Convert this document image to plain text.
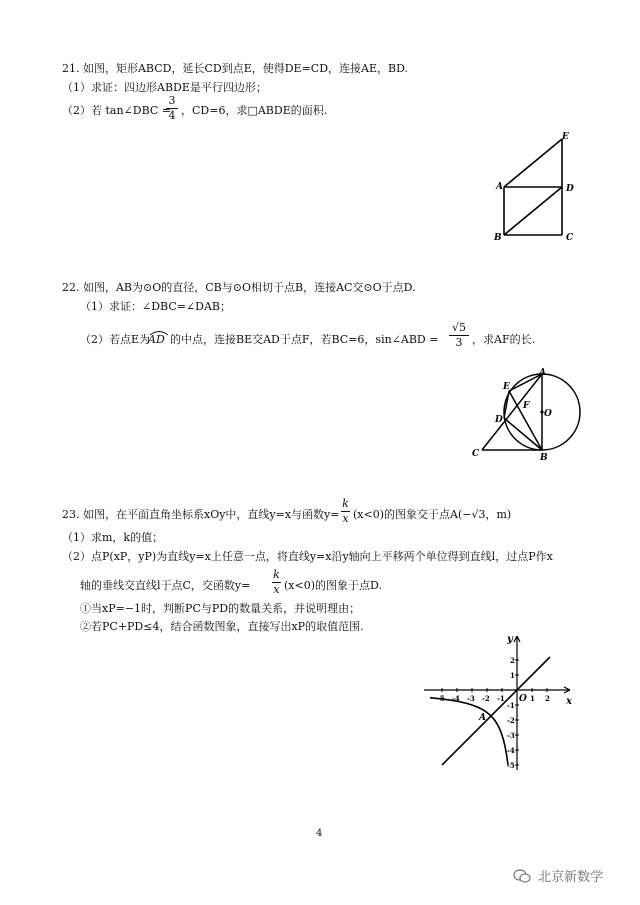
21. 如图，矩形ABCD，延长CD到点E，使得DE=CD，连接AE，BD.
（1）求证：四边形ABDE是平行四边形；
（2）若 tan∠DBC =
3
4 ，CD=6，求□ABDE的面积.
A
B	C
D
E
22. 如图，AB为⊙O的直径，CB与⊙O相切于点B，连接AC交⊙O于点D.
（1）求证：∠DBC=∠DAB；
（2）若点E为
AD 的中点，连接BE交AD于点F，若BC=6，sin∠ABD =
√5
3 ，求AF的长.
A
B
C
D
E
F
O
23. 如图，在平面直角坐标系xOy中，直线y=x与函数y=
k
x (x<0)的图象交于点A(−√3，m)
（1）求m，k的值；
（2）点P(xP，yP)为直线y=x上任意一点，将直线y=x沿y轴向上平移两个单位得到直线l，过点P作x
轴的垂线交直线l于点C，交函数y=
k
x (x<0)的图象于点D.
①当xP=−1时，判断PC与PD的数量关系，并说明理由；
②若PC+PD≤4，结合函数图象，直接写出xP的取值范围.
-5 -4 -3 -2 -1	1 2
2
1
-1
-2
-3
-4
-5
x
y
O
A
4
北京新数学
